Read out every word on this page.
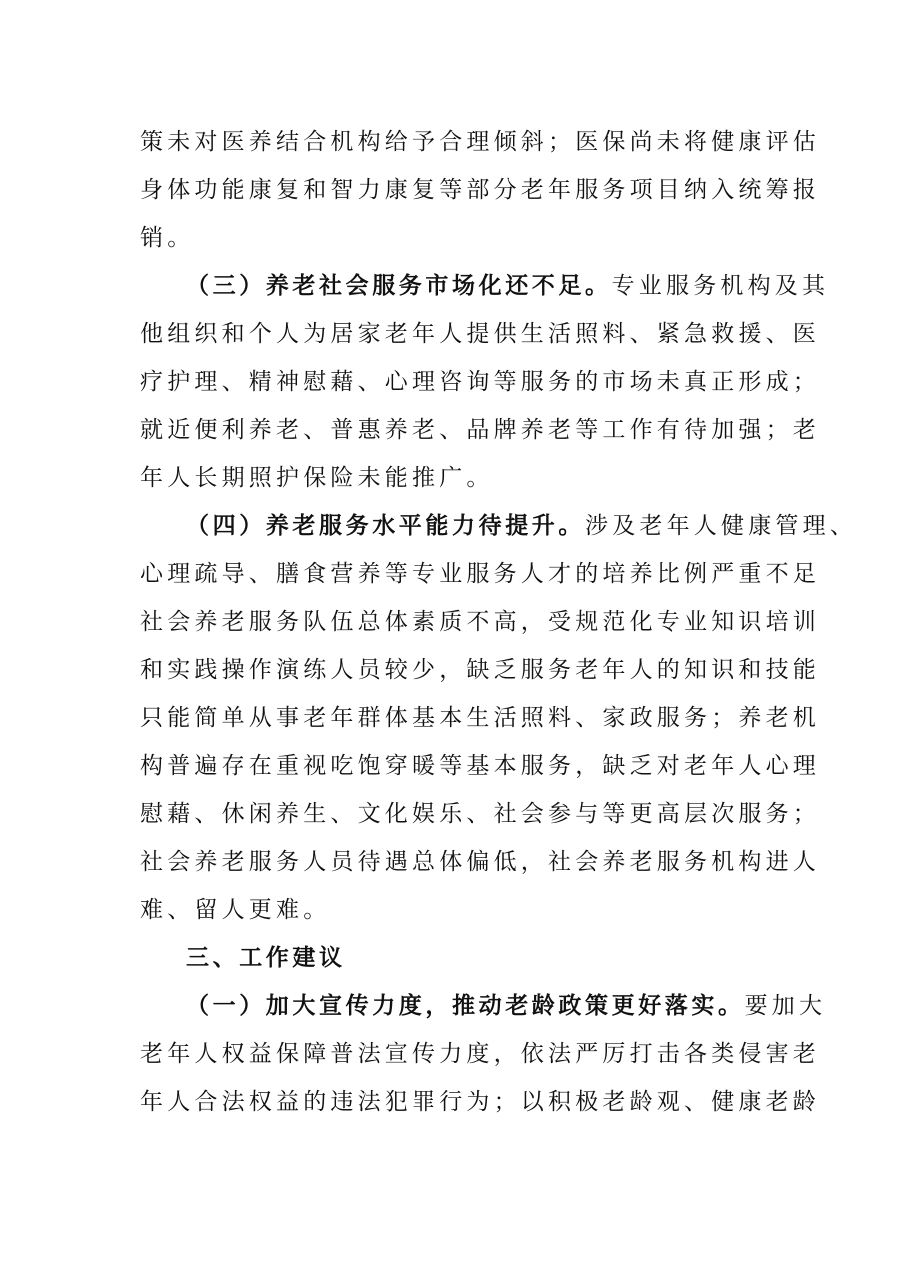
策未对医养结合机构给予合理倾斜；医保尚未将健康评估
身体功能康复和智力康复等部分老年服务项目纳入统筹报
销。
（三）养老社会服务市场化还不足。专业服务机构及其
他组织和个人为居家老年人提供生活照料、紧急救援、医
疗护理、精神慰藉、心理咨询等服务的市场未真正形成；
就近便利养老、普惠养老、品牌养老等工作有待加强；老
年人长期照护保险未能推广。
（四）养老服务水平能力待提升。涉及老年人健康管理、
心理疏导、膳食营养等专业服务人才的培养比例严重不足
社会养老服务队伍总体素质不高，受规范化专业知识培训
和实践操作演练人员较少，缺乏服务老年人的知识和技能
只能简单从事老年群体基本生活照料、家政服务；养老机
构普遍存在重视吃饱穿暖等基本服务，缺乏对老年人心理
慰藉、休闲养生、文化娱乐、社会参与等更高层次服务；
社会养老服务人员待遇总体偏低，社会养老服务机构进人
难、留人更难。
三、工作建议
（一）加大宣传力度，推动老龄政策更好落实。要加大
老年人权益保障普法宣传力度，依法严厉打击各类侵害老
年人合法权益的违法犯罪行为；以积极老龄观、健康老龄
